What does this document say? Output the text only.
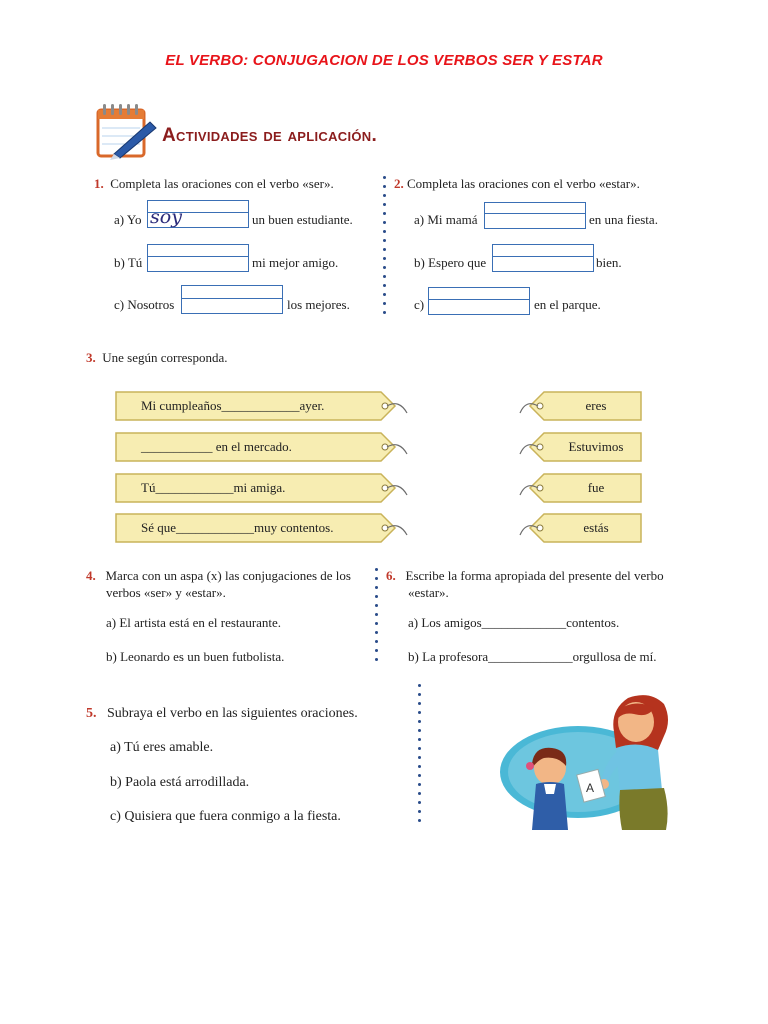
EL VERBO: CONJUGACION DE LOS VERBOS SER Y ESTAR
Actividades de aplicación.
1. Completa las oraciones con el verbo «ser».
a) Yo soy	un buen estudiante.
b) Tú	mi mejor amigo.
c) Nosotros	los mejores.
2. Completa las oraciones con el verbo «estar».
a) Mi mamá	en una fiesta.
b) Espero que	bien.
c)	en el parque.
3. Une según corresponda.
Mi cumpleaños____________ayer.
___________ en el mercado.
Tú____________mi amiga.
Sé que____________muy contentos.
eres
Estuvimos
fue
estás
4. Marca con un aspa (x) las conjugaciones de los
verbos «ser» y «estar».
a) El artista está en el restaurante.
b) Leonardo es un buen futbolista.
6. Escribe la forma apropiada del presente del verbo
«estar».
a) Los amigos_____________contentos.
b) La profesora_____________orgullosa de mí.
5. Subraya el verbo en las siguientes oraciones.
a) Tú eres amable.
b) Paola está arrodillada.
c) Quisiera que fuera conmigo a la fiesta.
A
